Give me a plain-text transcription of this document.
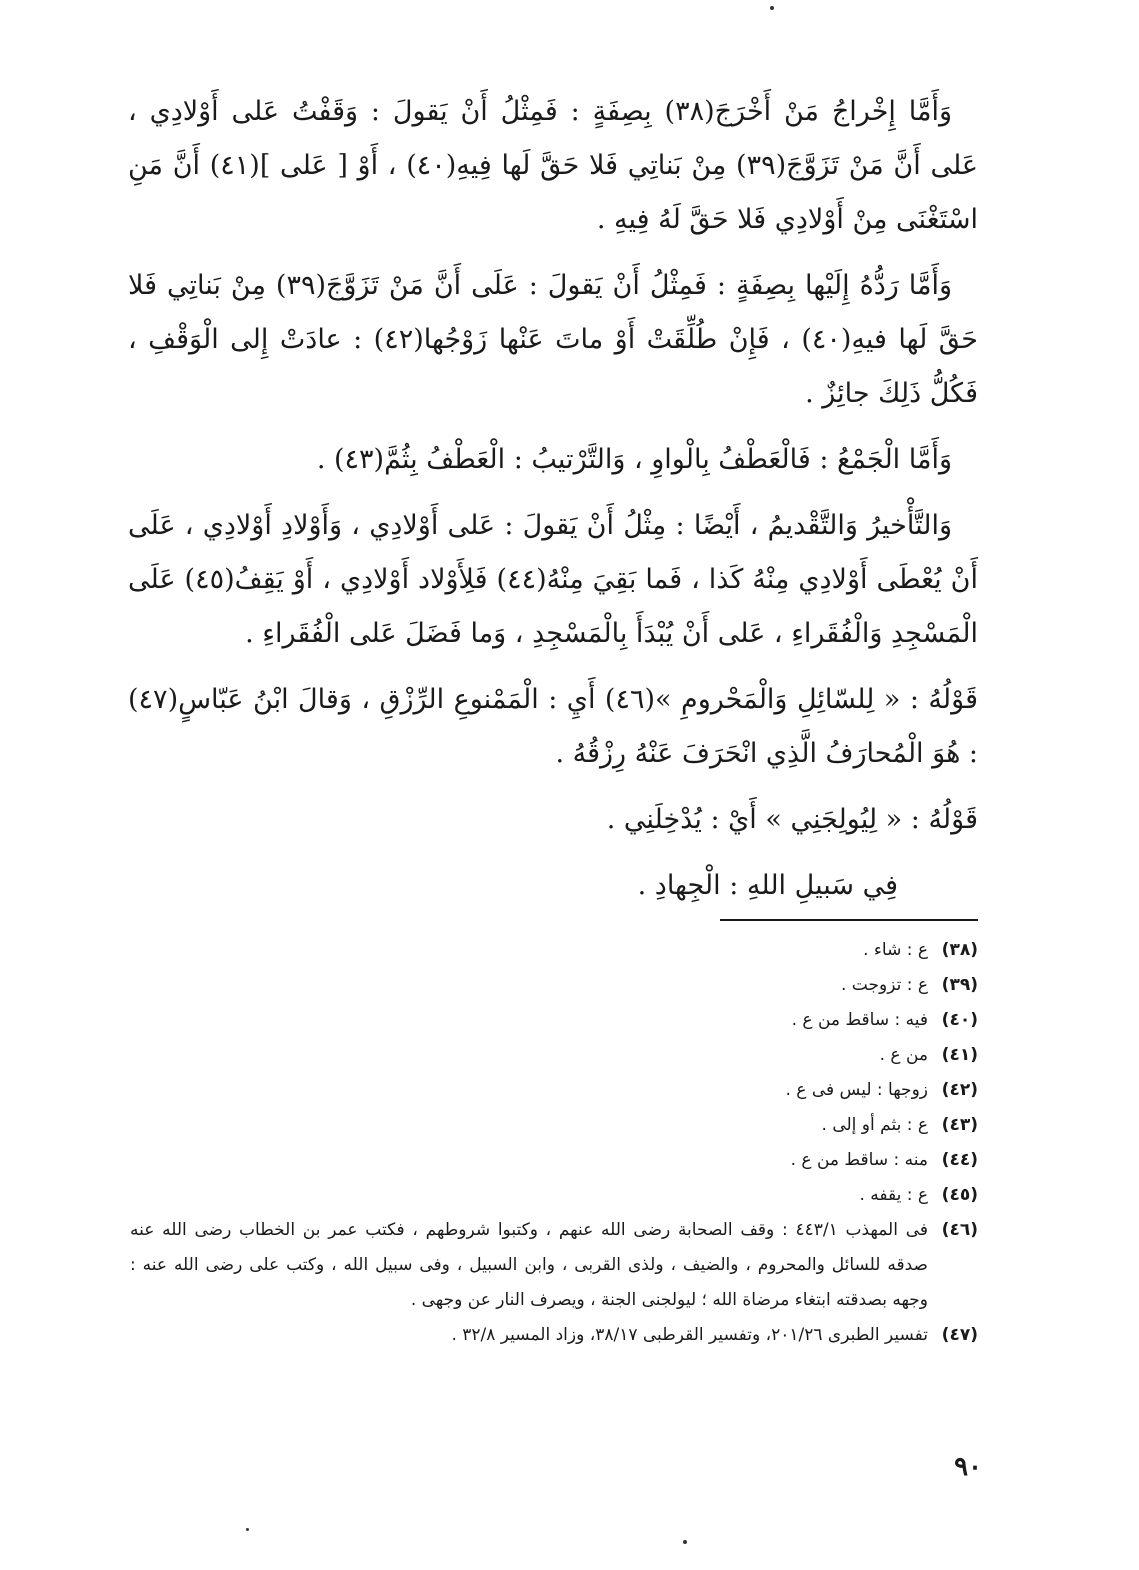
وَأَمَّا إِخْراجُ مَنْ أَخْرَجَ(٣٨) بِصِفَةٍ : فَمِثْلُ أَنْ يَقولَ : وَقَفْتُ عَلى أَوْلادِي ، عَلى أَنَّ مَنْ تَزَوَّجَ(٣٩) مِنْ بَناتِي فَلا حَقَّ لَها فِيهِ(٤٠) ، أَوْ [ عَلى ](٤١) أَنَّ مَنِ اسْتَغْنَى مِنْ أَوْلادِي فَلا حَقَّ لَهُ فِيهِ .

وَأَمَّا رَدُّهُ إِلَيْها بِصِفَةٍ : فَمِثْلُ أَنْ يَقولَ : عَلَى أَنَّ مَنْ تَزَوَّجَ(٣٩) مِنْ بَناتِي فَلا حَقَّ لَها فيهِ(٤٠) ، فَإِنْ طُلِّقَتْ أَوْ ماتَ عَنْها زَوْجُها(٤٢) : عادَتْ إِلى الْوَقْفِ ، فَكُلُّ ذَلِكَ جائِزٌ .

وَأَمَّا الْجَمْعُ : فَالْعَطْفُ بِالْواوِ ، وَالتَّرْتيبُ : الْعَطْفُ بِثُمَّ(٤٣) .

وَالتَّأْخيرُ وَالتَّقْديمُ ، أَيْضًا : مِثْلُ أَنْ يَقولَ : عَلى أَوْلادِي ، وَأَوْلادِ أَوْلادِي ، عَلَى أَنْ يُعْطَى أَوْلادِي مِنْهُ كَذا ، فَما بَقِيَ مِنْهُ(٤٤) فَلِأَوْلاد أَوْلادِي ، أَوْ يَقِفُ(٤٥) عَلَى الْمَسْجِدِ وَالْفُقَراءِ ، عَلى أَنْ يُبْدَأَ بِالْمَسْجِدِ ، وَما فَضَلَ عَلى الْفُقَراءِ .

قَوْلُهُ : « لِلسّائِلِ وَالْمَحْرومِ »(٤٦) أَيِ : الْمَمْنوعِ الرِّزْقِ ، وَقالَ ابْنُ عَبّاسٍ(٤٧) : هُوَ الْمُحارَفُ الَّذِي انْحَرَفَ عَنْهُ رِزْقُهُ .

قَوْلُهُ : « لِيُولِجَنِي » أَيْ : يُدْخِلَنِي .

فِي سَبيلِ اللهِ : الْجِهادِ .

(٣٨)
ع : شاء .
(٣٩)
ع : تزوجت .
(٤٠)
فيه : ساقط من ع .
(٤١)
من ع .
(٤٢)
زوجها : ليس فى ع .
(٤٣)
ع : بثم أو إلى .
(٤٤)
منه : ساقط من ع .
(٤٥)
ع : يقفه .
(٤٦)
فى المهذب ٤٤٣/١ : وقف الصحابة رضى الله عنهم ، وكتبوا شروطهم ، فكتب عمر بن الخطاب رضى الله عنه صدقه للسائل والمحروم ، والضيف ، ولذى القربى ، وابن السبيل ، وفى سبيل الله ، وكتب على رضى الله عنه : وجهه بصدقته ابتغاء مرضاة الله ؛ ليولجنى الجنة ، ويصرف النار عن وجهى .
(٤٧)
تفسير الطبرى ٢٠١/٢٦، وتفسير القرطبى ٣٨/١٧، وزاد المسير ٣٢/٨ .
٩٠
